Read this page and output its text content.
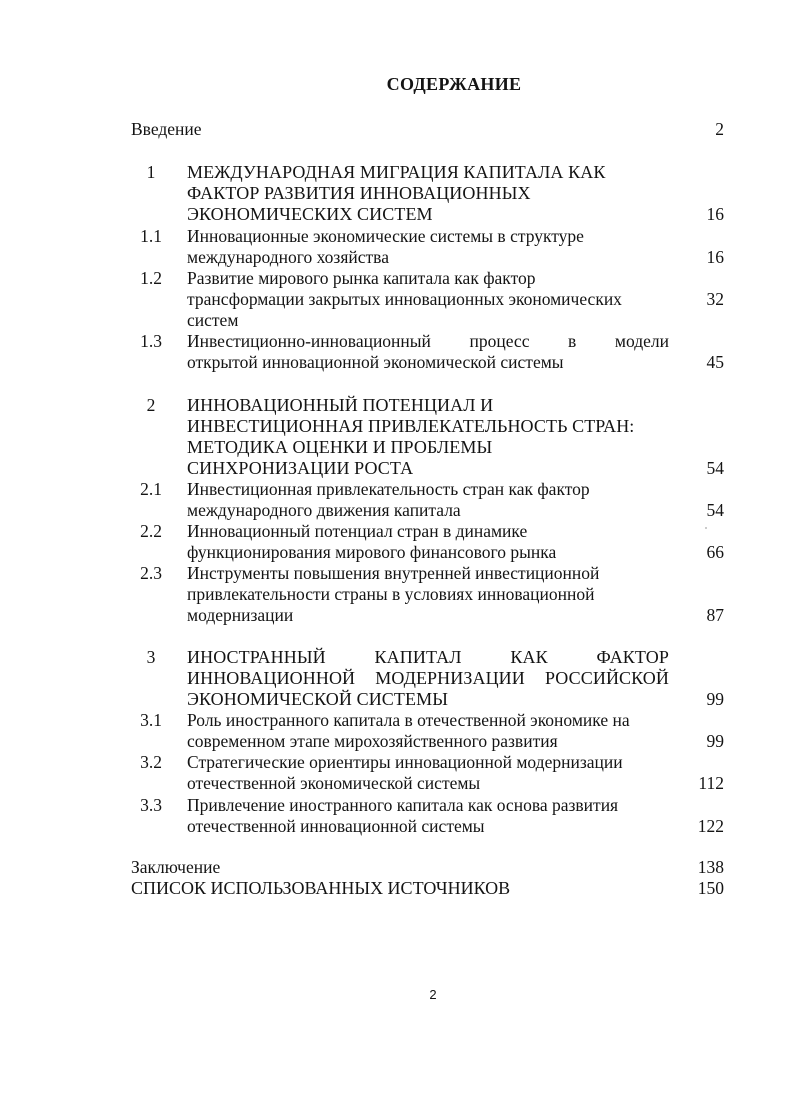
СОДЕРЖАНИЕ
Введение	2
1	МЕЖДУНАРОДНАЯ МИГРАЦИЯ КАПИТАЛА КАК
ФАКТОР РАЗВИТИЯ ИННОВАЦИОННЫХ
ЭКОНОМИЧЕСКИХ СИСТЕМ	16
1.1	Инновационные экономические системы в структуре
международного хозяйства	16
1.2	Развитие мирового рынка капитала как фактор
трансформации закрытых инновационных экономических	32
систем
1.3	Инвестиционно-инновационный процесс в модели
открытой инновационной экономической системы	45
2	ИННОВАЦИОННЫЙ ПОТЕНЦИАЛ И
ИНВЕСТИЦИОННАЯ ПРИВЛЕКАТЕЛЬНОСТЬ СТРАН:
МЕТОДИКА ОЦЕНКИ И ПРОБЛЕМЫ
СИНХРОНИЗАЦИИ РОСТА	54
2.1	Инвестиционная привлекательность стран как фактор
международного движения капитала	54
2.2	Инновационный потенциал стран в динамике
функционирования мирового финансового рынка	66
2.3	Инструменты повышения внутренней инвестиционной
привлекательности страны в условиях инновационной
модернизации	87
3	ИНОСТРАННЫЙ КАПИТАЛ КАК ФАКТОР
ИННОВАЦИОННОЙ МОДЕРНИЗАЦИИ РОССИЙСКОЙ
ЭКОНОМИЧЕСКОЙ СИСТЕМЫ	99
3.1	Роль иностранного капитала в отечественной экономике на
современном этапе мирохозяйственного развития	99
3.2	Стратегические ориентиры инновационной модернизации
отечественной экономической системы	112
3.3	Привлечение иностранного капитала как основа развития
отечественной инновационной системы	122
Заключение	138
СПИСОК ИСПОЛЬЗОВАННЫХ ИСТОЧНИКОВ	150
2
